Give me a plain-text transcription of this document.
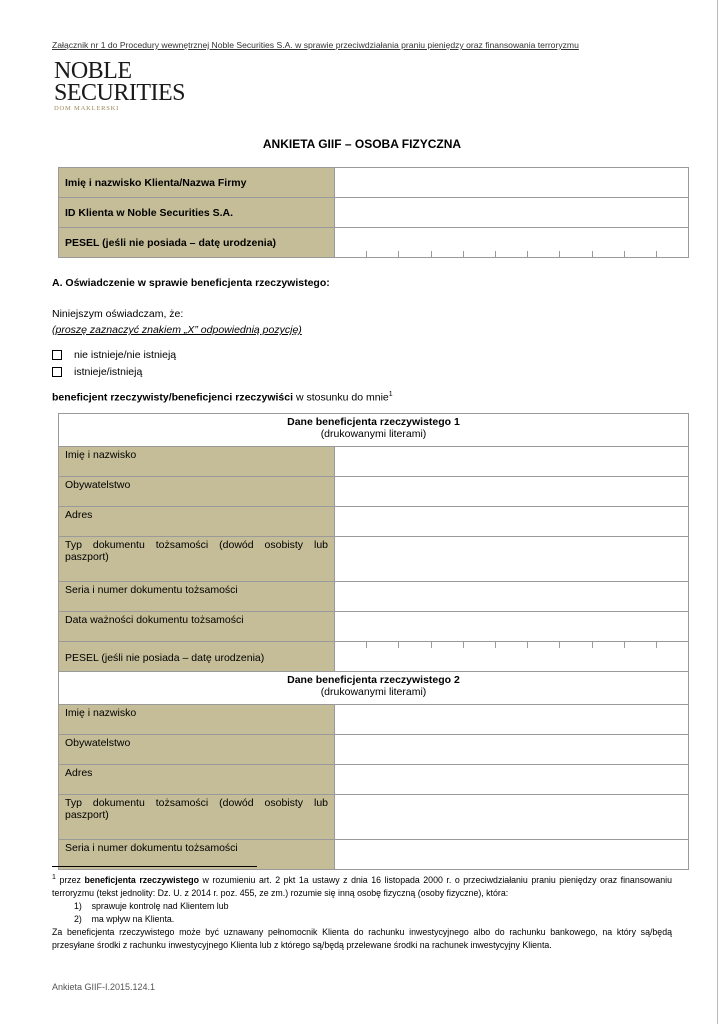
Załącznik nr 1 do Procedury wewnętrznej Noble Securities S.A. w sprawie przeciwdziałania praniu pieniędzy oraz finansowania terroryzmu
NOBLE
SECURITIES
DOM MAKLERSKI
ANKIETA GIIF – OSOBA FIZYCZNA
Imię i nazwisko Klienta/Nazwa Firmy	
ID Klienta w Noble Securities S.A.	
PESEL (jeśli nie posiada – datę urodzenia)	
A. Oświadczenie w sprawie beneficjenta rzeczywistego:
Niniejszym oświadczam, że:
(proszę zaznaczyć znakiem „X” odpowiednią pozycję)
nie istnieje/nie istnieją
istnieje/istnieją
beneficjent rzeczywisty/beneficjenci rzeczywiści w stosunku do mnie$^1$
Dane beneficjenta rzeczywistego 1
(drukowanymi literami)	
Imię i nazwisko	
Obywatelstwo	
Adres	
Typ dokumentu tożsamości (dowód osobisty lub paszport)	
Seria i numer dokumentu tożsamości	
Data ważności dokumentu tożsamości	
PESEL (jeśli nie posiada – datę urodzenia)	

Dane beneficjenta rzeczywistego 2
(drukowanymi literami)	
Imię i nazwisko	
Obywatelstwo	
Adres	
Typ dokumentu tożsamości (dowód osobisty lub paszport)	
Seria i numer dokumentu tożsamości	
$^1$ przez beneficjenta rzeczywistego w rozumieniu art. 2 pkt 1a ustawy z dnia 16 listopada 2000 r. o przeciwdziałaniu praniu pieniędzy oraz finansowaniu terroryzmu (tekst jednolity: Dz. U. z 2014 r. poz. 455, ze zm.) rozumie się inną osobę fizyczną (osoby fizyczne), która:
1)    sprawuje kontrolę nad Klientem lub
2)    ma wpływ na Klienta.
Za beneficjenta rzeczywistego może być uznawany pełnomocnik Klienta do rachunku inwestycyjnego albo do rachunku bankowego, na który są/będą przesyłane środki z rachunku inwestycyjnego Klienta lub z którego są/będą przelewane środki na rachunek inwestycyjny Klienta.
Ankieta GIIF-I.2015.124.1
